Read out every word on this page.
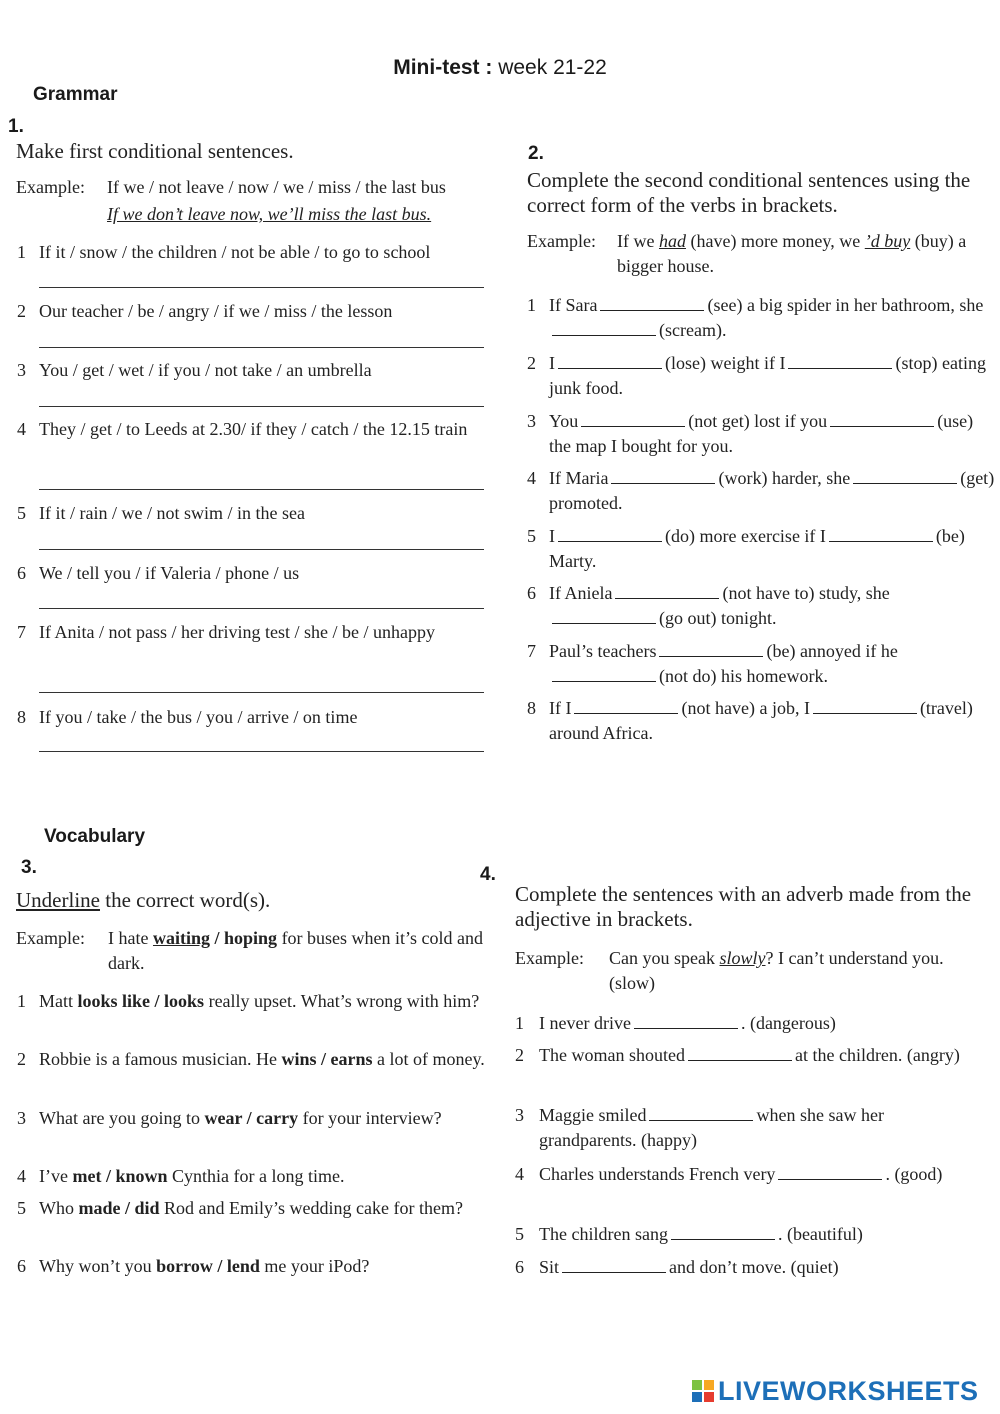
Mini-test : week 21-22
Grammar
1.
Make first conditional sentences.
Example: If we / not leave / now / we / miss / the last bus
If we don’t leave now, we’ll miss the last bus.
1 If it / snow / the children / not be able / to go to school
2 Our teacher / be / angry / if we / miss / the lesson
3 You / get / wet / if you / not take / an umbrella
4 They / get / to Leeds at 2.30/ if they / catch / the 12.15 train
5 If it / rain / we / not swim / in the sea
6 We / tell you / if Valeria / phone / us
7 If Anita / not pass / her driving test / she / be / unhappy
8 If you / take / the bus / you / arrive / on time
2.
Complete the second conditional sentences using the correct form of the verbs in brackets.
Example: If we had (have) more money, we ’d buy (buy) a bigger house.
1 If Sara	(see) a big spider in her bathroom, she(scream).
2 I	(lose) weight if I	(stop) eating junk food.
3 You	(not get) lost if you	(use) the map I bought for you.
4 If Maria	(work) harder, she	(get) promoted.
5 I	(do) more exercise if I	(be) Marty.
6 If Aniela	(not have to) study, she(go out) tonight.
7 Paul’s teachers	(be) annoyed if he(not do) his homework.
8 If I	(not have) a job, I	(travel) around Africa.
Vocabulary
3.
Underline the correct word(s).
Example: I hate waiting / hoping for buses when it’s cold and dark.
1 Matt looks like / looks really upset. What’s wrong with him?
2 Robbie is a famous musician. He wins / earns a lot of money.
3 What are you going to wear / carry for your interview?
4 I’ve met / known Cynthia for a long time.
5 Who made / did Rod and Emily’s wedding cake for them?
6 Why won’t you borrow / lend me your iPod?
4.
Complete the sentences with an adverb made from the adjective in brackets.
Example: Can you speak slowly? I can’t understand you. (slow)
1 I never drive	. (dangerous)
2 The woman shouted	at the children. (angry)
3 Maggie smiled	when she saw her grandparents. (happy)
4 Charles understands French very	. (good)
5 The children sang	. (beautiful)
6 Sit	and don’t move. (quiet)
LIVEWORKSHEETS
